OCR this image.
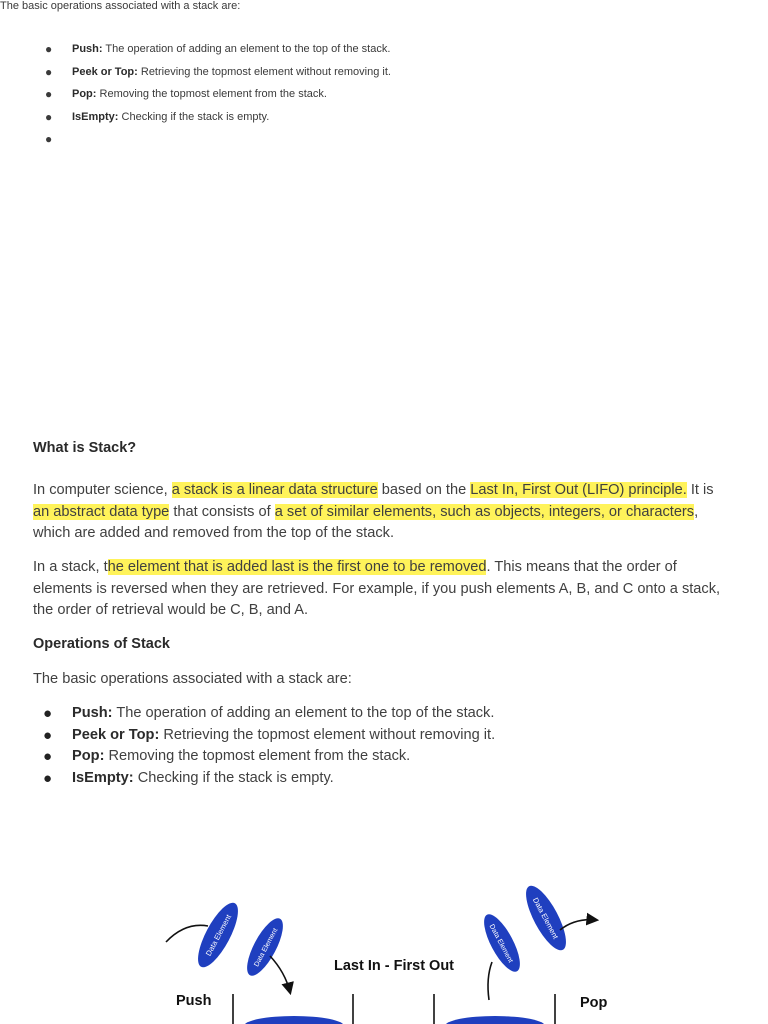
The basic operations associated with a stack are:

● Push: The operation of adding an element to the top of the stack.
● Peek or Top: Retrieving the topmost element without removing it.
● Pop: Removing the topmost element from the stack.
● IsEmpty: Checking if the stack is empty.
●
What is Stack?

In computer science, a stack is a linear data structure based on the Last In, First Out (LIFO) principle. It is an abstract data type that consists of a set of similar elements, such as objects, integers, or characters, which are added and removed from the top of the stack.

In a stack, the element that is added last is the first one to be removed. This means that the order of elements is reversed when they are retrieved. For example, if you push elements A, B, and C onto a stack, the order of retrieval would be C, B, and A.

Operations of Stack

The basic operations associated with a stack are:

● Push: The operation of adding an element to the top of the stack.
● Peek or Top: Retrieving the topmost element without removing it.
● Pop: Removing the topmost element from the stack.
● IsEmpty: Checking if the stack is empty.
Data Element	Data Element
Push
Last In - First Out
Data Element
Data Element
Pop
